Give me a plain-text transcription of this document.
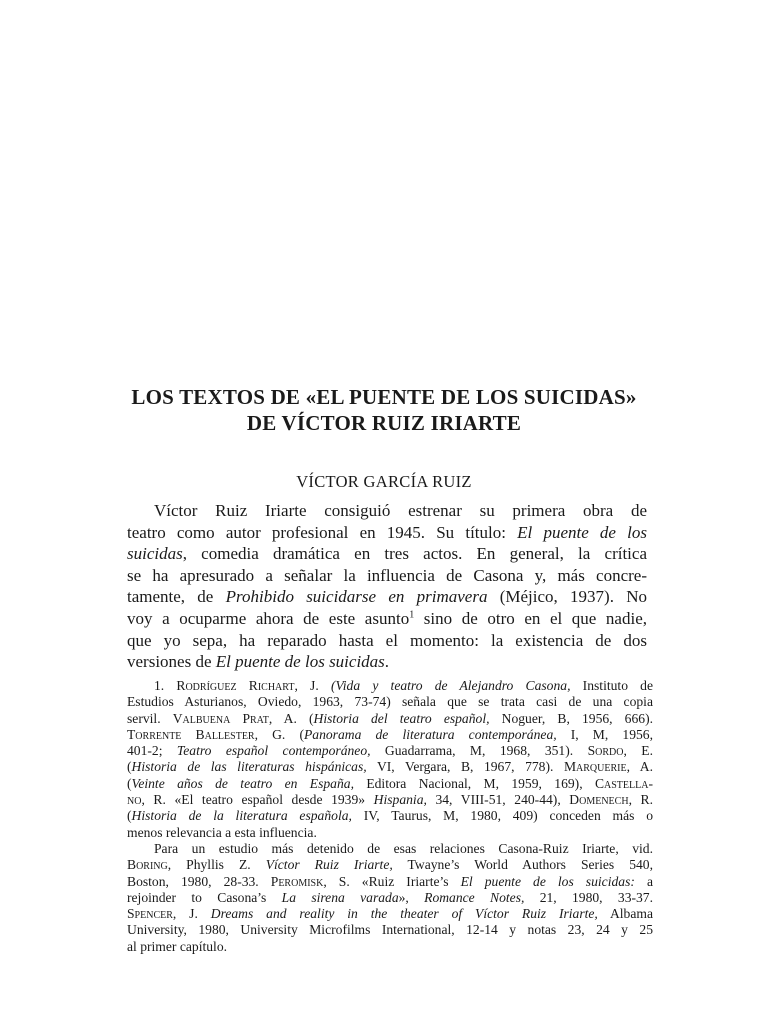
LOS TEXTOS DE «EL PUENTE DE LOS SUICIDAS»
DE VÍCTOR RUIZ IRIARTE
VÍCTOR GARCÍA RUIZ
Víctor Ruiz Iriarte consiguió estrenar su primera obra de
teatro como autor profesional en 1945. Su título: El puente de los
suicidas, comedia dramática en tres actos. En general, la crítica
se ha apresurado a señalar la influencia de Casona y, más concre-
tamente, de Prohibido suicidarse en primavera (Méjico, 1937). No
voy a ocuparme ahora de este asunto$^1$ sino de otro en el que nadie,
que yo sepa, ha reparado hasta el momento: la existencia de dos
versiones de El puente de los suicidas.
1. Rodríguez Richart, J. (Vida y teatro de Alejandro Casona, Instituto de
Estudios Asturianos, Oviedo, 1963, 73-74) señala que se trata casi de una copia
servil. Valbuena Prat, A. (Historia del teatro español, Noguer, B, 1956, 666).
Torrente Ballester, G. (Panorama de literatura contemporánea, I, M, 1956,
401-2; Teatro español contemporáneo, Guadarrama, M, 1968, 351). Sordo, E.
(Historia de las literaturas hispánicas, VI, Vergara, B, 1967, 778). Marquerie, A.
(Veinte años de teatro en España, Editora Nacional, M, 1959, 169), Castella-
no, R. «El teatro español desde 1939» Hispania, 34, VIII-51, 240-44), Domenech, R.
(Historia de la literatura española, IV, Taurus, M, 1980, 409) conceden más o
menos relevancia a esta influencia.
Para un estudio más detenido de esas relaciones Casona-Ruiz Iriarte, vid.
Boring, Phyllis Z. Víctor Ruiz Iriarte, Twayne’s World Authors Series 540,
Boston, 1980, 28-33. Peromisk, S. «Ruiz Iriarte’s El puente de los suicidas: a
rejoinder to Casona’s La sirena varada», Romance Notes, 21, 1980, 33-37.
Spencer, J. Dreams and reality in the theater of Víctor Ruiz Iriarte, Albama
University, 1980, University Microfilms International, 12-14 y notas 23, 24 y 25
al primer capítulo.
